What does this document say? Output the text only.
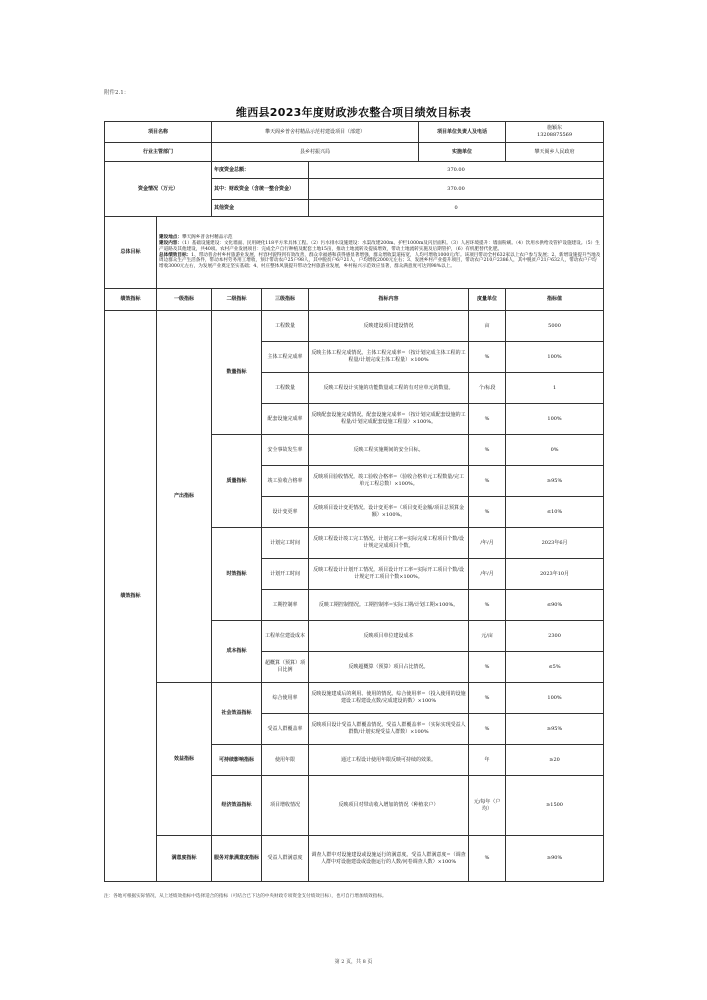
附件2.1：
维西县2023年度财政涉农整合项目绩效目标表
项目名称		攀天阁乡普舍村精品示范村建设项目（部建）			项目单位负责人及电话		施颖东
13208875569
行业主管部门		县乡村振兴局			实施单位		攀天阁乡人民政府
资金情况（万元）		年度资金总额：		370.00			
		其中：财政资金（含统一整合资金）		370.00			
		其他资金		0			
总体目标	建设地点：攀天阁乡普舍村精品示范

建设内容：（1）基础设施建设：文化墙面、民用硬化118平方米具体工程。（2）污水排水设施建设：水渠改建200m、护栏1000m及闪层面积。（3）人居环境提升：墙面粉刷。（4）饮用水供给及管护设施建设。（5）生产道路及其他建设，共40项。农村产业发展项目：完成全户自行种植及配套土地15亩，推动土地流转及提质增效，带动土地流转实施及后期管护，（6）有机肥替代化肥。

总体绩效目标：1、带动普舍村乡村旅游业发展，村容村貌得到有效改善，群众幸福感和获得感显著增强，群众增收渠道拓宽，人均可增收1000元/年。该项目带动全村632家以上农户参与发展；2、新增设施提升当地及周边群众生产生活条件，带动本村劳务用工增收，预计带动农户25户98人，其中脱贫户6户21人，户均增收2000元左右；3、发展乡村产业提升项目，带动农户210户2386人，其中脱贫户21户632人，带动农户户均增收3000元左右，为发展产业奠定坚实基础；4、村庄整体风貌提升带动全村旅游业发展，乡村振兴示范效应显著，群众满意度可达到98%以上。						

绩效指标	一级指标	二级指标	三级指标	指标内容		度量单位	指标值
绩效指标	产出指标	数量指标	工程数量	反映建设项目建设情况		亩	5000
			主体工程完成率	反映主体工程完成情况。主体工程完成率=（按计划完成主体工程的工程量/计划完成主体工程量）×100%		%	100%
			工程数量	反映工程设计实施的功能数量或工程的有对应单元的数量。		个/标段	1
			配套设施完成率	反映配套设施完成情况。配套设施完成率=（按计划完成配套设施的工程量/计划完成配套设施工程量）×100%。		%	100%
		质量指标	安全事故发生率	反映工程实施期间的安全目标。		%	0%
			竣工验收合格率	反映项目验收情况。竣工验收合格率=（验收合格单元工程数量/完工单元工程总数）×100%。		%	≥95%
			设计变更率	反映项目设计变更情况。设计变更率=（项目变更金额/项目总预算金额）×100%。		%	≤10%
		时效指标	计划完工时间	反映工程设计竣工完工情况。计划完工率=实际完成工程项目个数/设计规定完成项目个数。		/年/月	2023年6月
			计划开工时间	反映工程设计计划开工情况。项目设计开工率=实际开工项目个数/设计规定开工项目个数×100%。		/年/月	2023年10月
			工期控制率	反映工期控制情况。工期控制率=实际工期/计划工期×100%。		%	≤90%
		成本指标	工程单位建设成本	反映项目单位建设成本		元/亩	2300
			超概算（预算）项目比例	反映超概算（预算）项目占比情况。		%	≤5%
	效益指标	社会效益指标	综合使用率	反映设施建成后的利用、使用的情况。综合使用率=（投入使用的设施建设工程建设点数/完成建设的数）×100%		%	100%
			受益人群覆盖率	反映项目设计受益人群覆盖情况。受益人群覆盖率=（实际实现受益人群数/计划实现受益人群数）×100%		%	≥95%
		可持续影响指标	使用年限	通过工程设计使用年限反映可持续的效果。		年	≥20
		经济效益指标	项目增收情况	反映项目对带动收入增加的情况（种植农户）		元/每年（户均）	≥1500
	满意度指标	服务对象满意度指标	受益人群满意度	调查人群中对设施建设或设施运行的满意度。受益人群满意度=（调查人群中对设施建设或设施运行的人数/问卷调查人数）×100%		%	≥90%
注：各地可根据实际情况，从上述绩效指标中选择适合的指标（可结合已下达的中央财政专项资金支付绩效目标），也可自行增加绩效指标。
第 2 页，共 8 页
